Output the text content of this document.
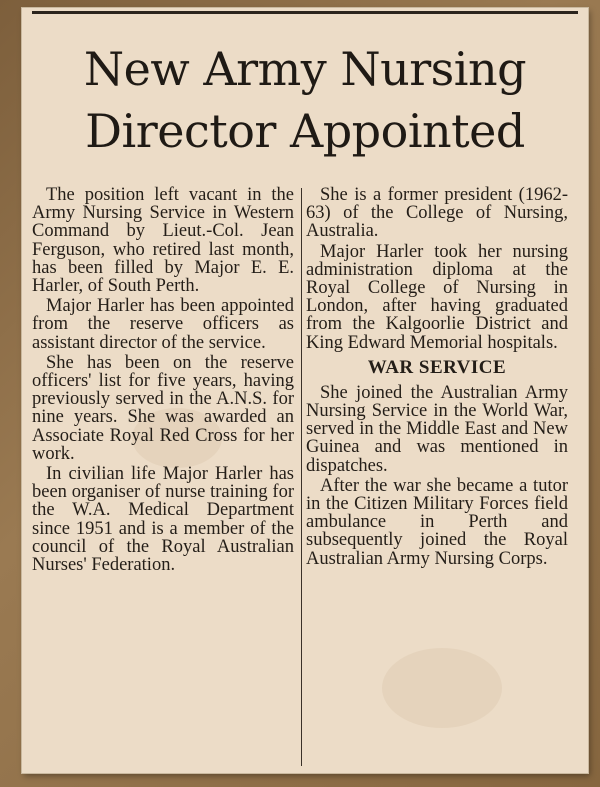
New Army Nursing Director Appointed

The position left vacant in the Army Nursing Service in Western Command by Lieut.-Col. Jean Ferguson, who retired last month, has been filled by Major E. E. Harler, of South Perth.

Major Harler has been appointed from the reserve officers as assistant director of the service.

She has been on the reserve officers' list for five years, having previously served in the A.N.S. for nine years. She was awarded an Associate Royal Red Cross for her work.

In civilian life Major Harler has been organiser of nurse training for the W.A. Medical Department since 1951 and is a member of the council of the Royal Australian Nurses' Federation.

She is a former president (1962-63) of the College of Nursing, Australia.

Major Harler took her nursing administration diploma at the Royal College of Nursing in London, after having graduated from the Kalgoorlie District and King Edward Memorial hospitals.

WAR SERVICE

She joined the Australian Army Nursing Service in the World War, served in the Middle East and New Guinea and was mentioned in dispatches.

After the war she became a tutor in the Citizen Military Forces field ambulance in Perth and subsequently joined the Royal Australian Army Nursing Corps.
